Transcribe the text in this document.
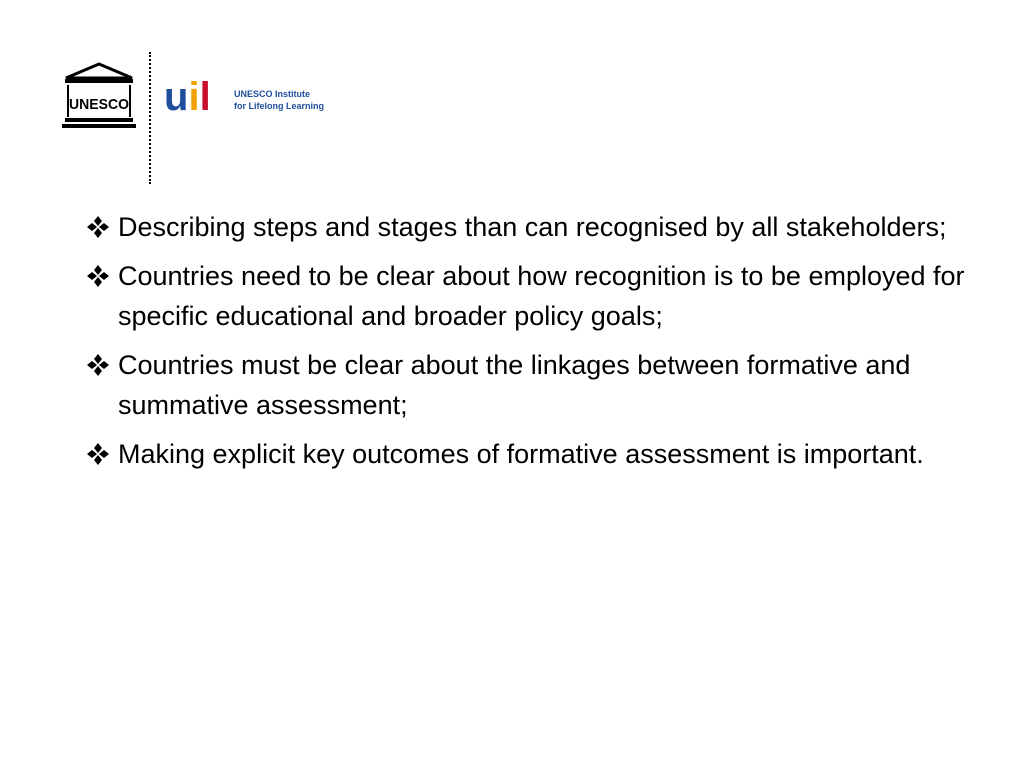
UNESCO uil	UNESCO Institute
for Lifelong Learning
Describing steps and stages than can recognised by all stakeholders;
Countries need to be clear about how recognition is to be employed for specific educational and broader policy goals;
Countries must be clear about the linkages between formative and summative assessment;
Making explicit key outcomes of formative assessment is important.
